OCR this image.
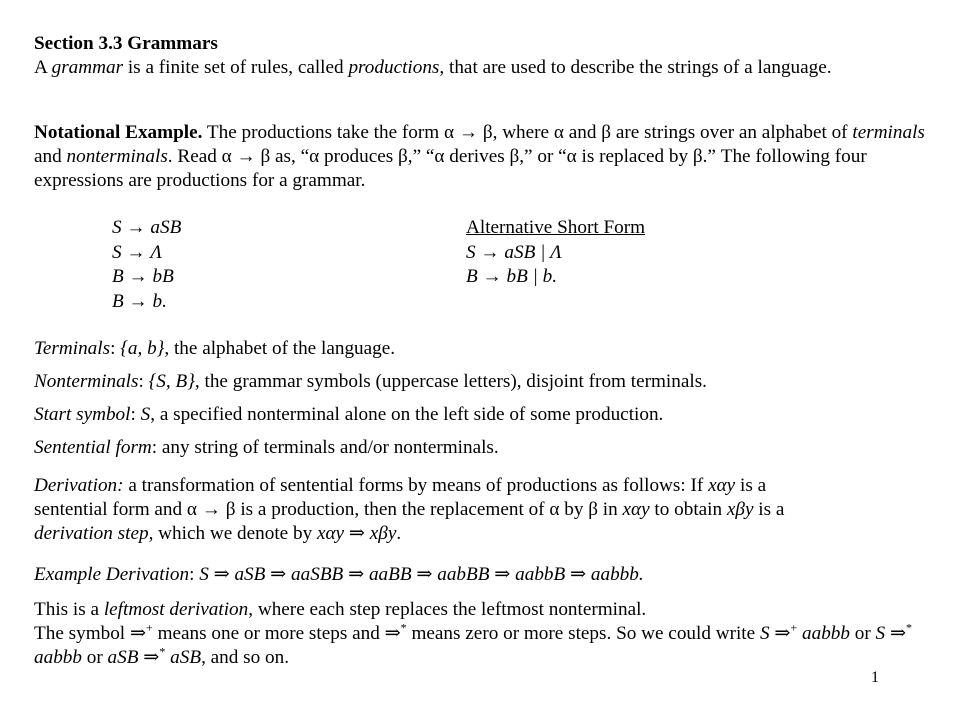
Section 3.3 Grammars

A grammar is a finite set of rules, called productions, that are used to describe the strings of a language.

Notational Example. The productions take the form α → β, where α and β are strings over an alphabet of terminals and nonterminals. Read α → β as, “α produces β,” “α derives β,” or “α is replaced by β.” The following four expressions are productions for a grammar.

S → aSB
S → Λ
B → bB
B → b.
Alternative Short Form
S → aSB | Λ
B → bB | b.

Terminals: {a, b}, the alphabet of the language.

Nonterminals: {S, B}, the grammar symbols (uppercase letters), disjoint from terminals.

Start symbol: S, a specified nonterminal alone on the left side of some production.

Sentential form: any string of terminals and/or nonterminals.

Derivation: a transformation of sentential forms by means of productions as follows: If xαy is a sentential form and α → β is a production, then the replacement of α by β in xαy to obtain xβy is a derivation step, which we denote by xαy ⇒ xβy.

Example Derivation: S ⇒ aSB ⇒ aaSBB ⇒ aaBB ⇒ aabBB ⇒ aabbB ⇒ aabbb.

This is a leftmost derivation, where each step replaces the leftmost nonterminal.
The symbol ⇒+ means one or more steps and ⇒* means zero or more steps. So we could write S ⇒+ aabbb or S ⇒* aabbb or aSB ⇒* aSB, and so on.

1
